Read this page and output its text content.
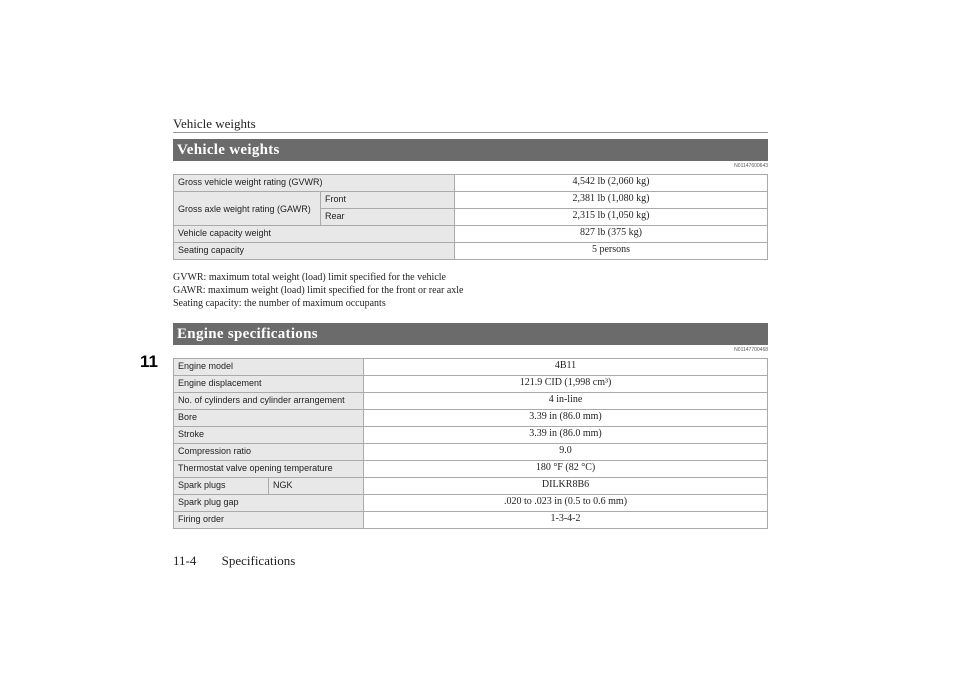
Vehicle weights
Vehicle weights
N01147600643
Gross vehicle weight rating (GVWR)		4,542 lb (2,060 kg)
Gross axle weight rating (GAWR)	Front	2,381 lb (1,080 kg)
	Rear	2,315 lb (1,050 kg)
Vehicle capacity weight		827 lb (375 kg)
Seating capacity		5 persons
GVWR: maximum total weight (load) limit specified for the vehicle
GAWR: maximum weight (load) limit specified for the front or rear axle
Seating capacity: the number of maximum occupants
11
Engine specifications
N01147700468
Engine model		4B11
Engine displacement		121.9 CID (1,998 cm³)
No. of cylinders and cylinder arrangement		4 in-line
Bore		3.39 in (86.0 mm)
Stroke		3.39 in (86.0 mm)
Compression ratio		9.0
Thermostat valve opening temperature		180 °F (82 °C)
Spark plugs	NGK	DILKR8B6
Spark plug gap		.020 to .023 in (0.5 to 0.6 mm)
Firing order		1-3-4-2
11-4 Specifications
